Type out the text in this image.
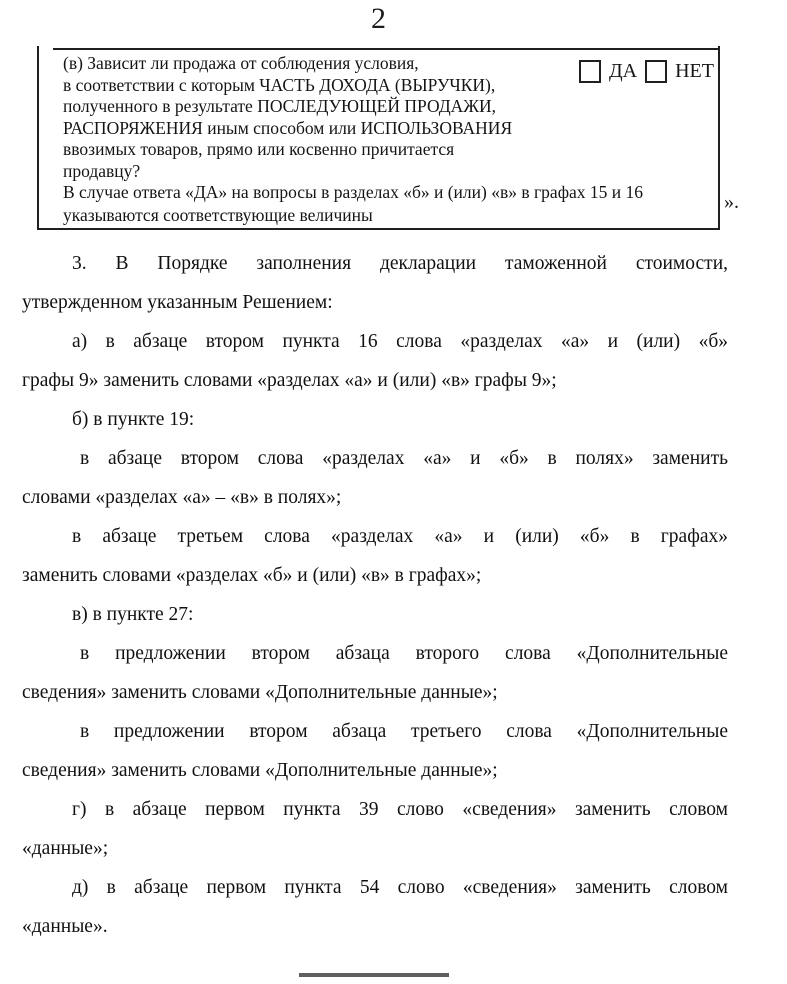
2
(в) Зависит ли продажа от соблюдения условия,
в соответствии с которым ЧАСТЬ ДОХОДА (ВЫРУЧКИ),
полученного в результате ПОСЛЕДУЮЩЕЙ ПРОДАЖИ,
РАСПОРЯЖЕНИЯ иным способом или ИСПОЛЬЗОВАНИЯ
ввозимых товаров, прямо или косвенно причитается
продавцу?
ДА НЕТ
В случае ответа «ДА» на вопросы в разделах «б» и (или) «в» в графах 15 и 16
указываются соответствующие величины
».
3. В Порядке заполнения декларации таможенной стоимости,
утвержденном указанным Решением:
а) в абзаце втором пункта 16 слова «разделах «а» и (или) «б»
графы 9» заменить словами «разделах «а» и (или) «в» графы 9»;
б) в пункте 19:
в абзаце втором слова «разделах «а» и «б» в полях» заменить
словами «разделах «а» – «в» в полях»;
в абзаце третьем слова «разделах «а» и (или) «б» в графах»
заменить словами «разделах «б» и (или) «в» в графах»;
в) в пункте 27:
в предложении втором абзаца второго слова «Дополнительные
сведения» заменить словами «Дополнительные данные»;
в предложении втором абзаца третьего слова «Дополнительные
сведения» заменить словами «Дополнительные данные»;
г) в абзаце первом пункта 39 слово «сведения» заменить словом
«данные»;
д) в абзаце первом пункта 54 слово «сведения» заменить словом
«данные».
